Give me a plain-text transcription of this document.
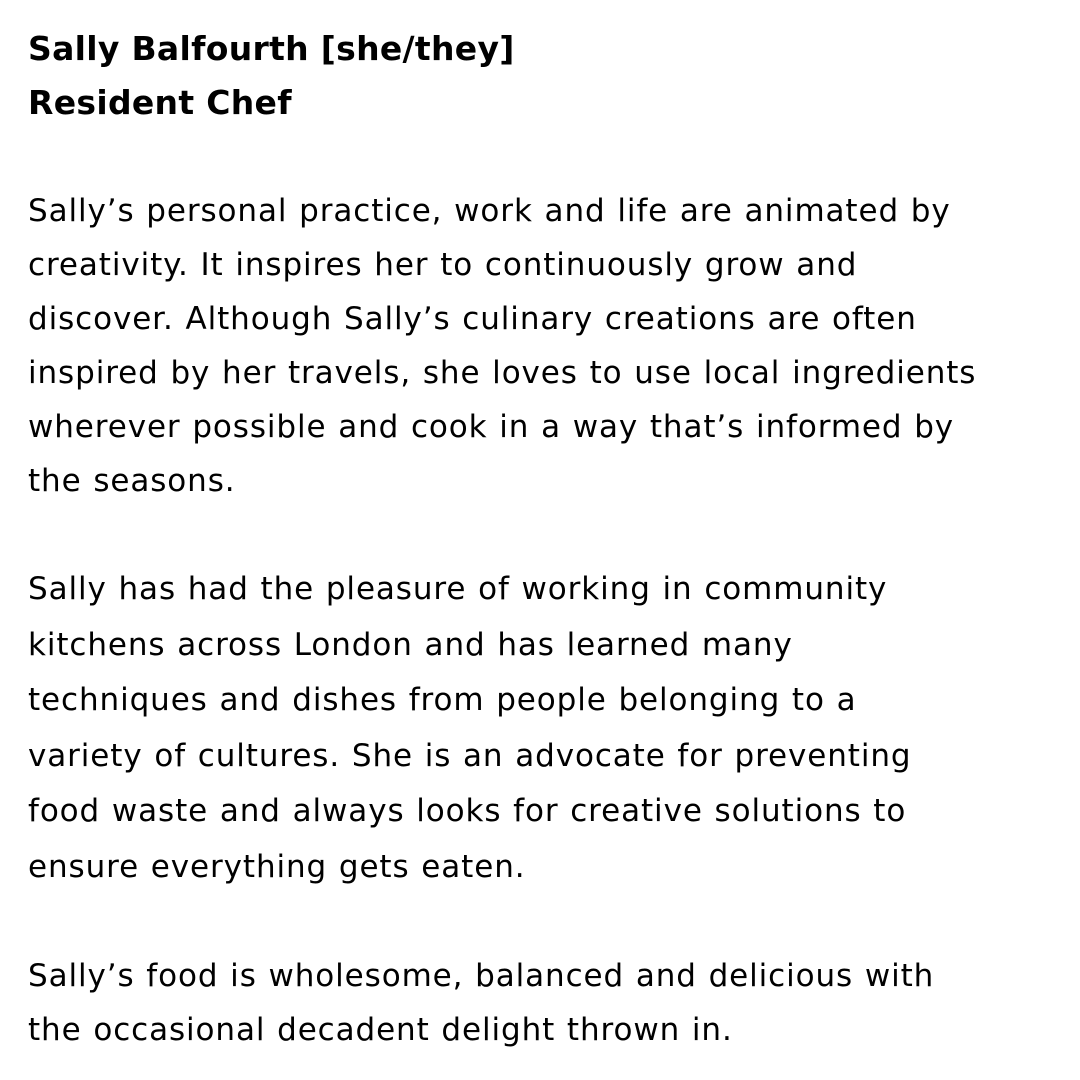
Sally Balfourth [she/they]
Resident Chef

Sally’s personal practice, work and life are animated by
creativity. It inspires her to continuously grow and
discover. Although Sally’s culinary creations are often
inspired by her travels, she loves to use local ingredients
wherever possible and cook in a way that’s informed by
the seasons.

Sally has had the pleasure of working in community
kitchens across London and has learned many
techniques and dishes from people belonging to a
variety of cultures. She is an advocate for preventing
food waste and always looks for creative solutions to
ensure everything gets eaten.

Sally’s food is wholesome, balanced and delicious with
the occasional decadent delight thrown in.
